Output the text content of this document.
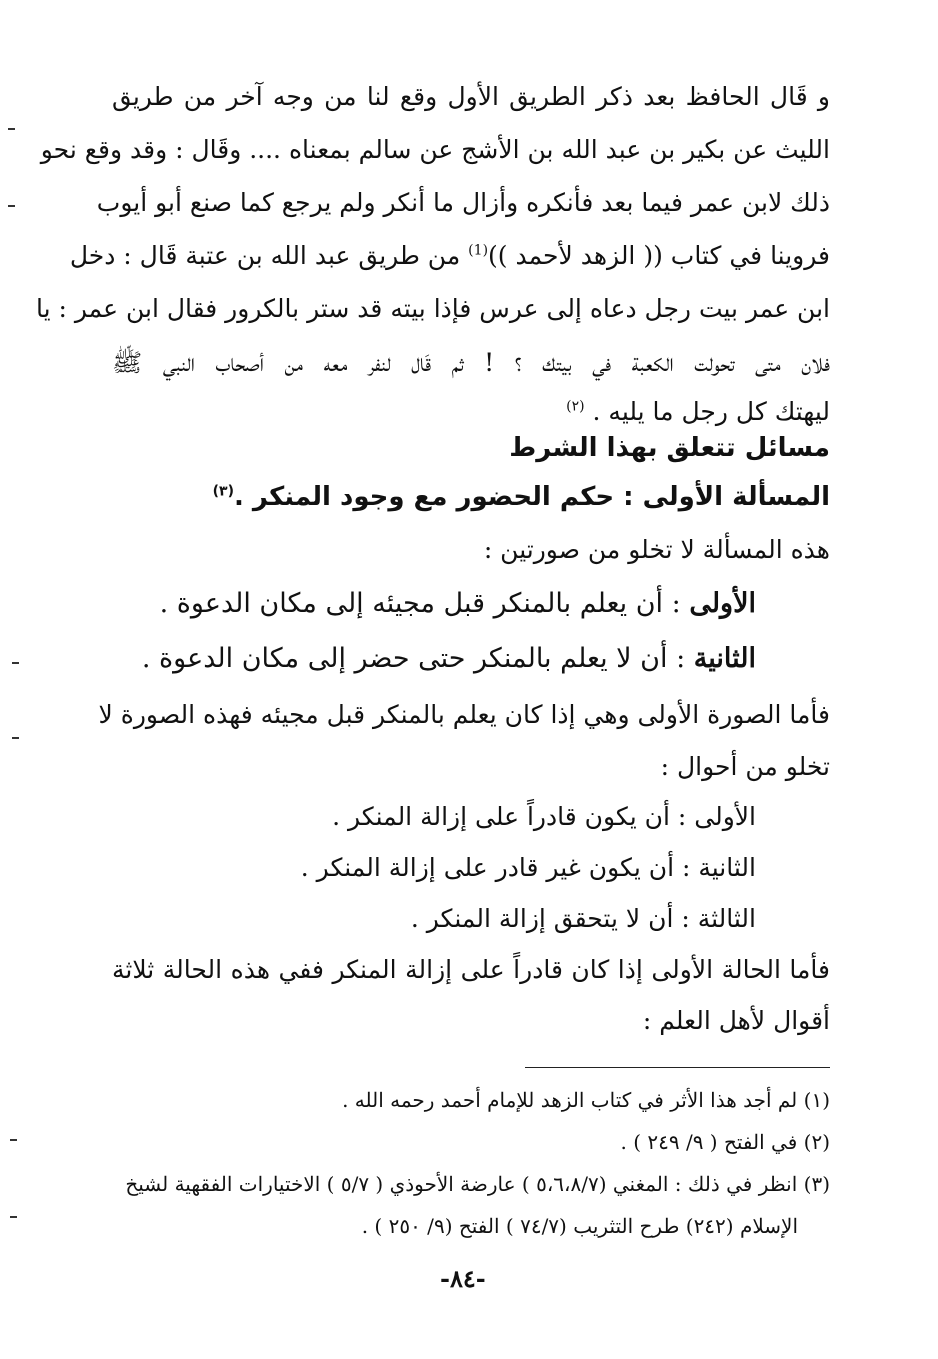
و قَال الحافظ بعد ذكر الطريق الأول وقع لنا من وجه آخر من طريق
الليث عن بكير بن عبد الله بن الأشج عن سالم بمعناه .... وقَال : وقد وقع نحو
ذلك لابن عمر فيما بعد فأنكره وأزال ما أنكر ولم يرجع كما صنع أبو أيوب
فروينا في كتاب (( الزهد لأحمد ))$^{(1)}$ من طريق عبد الله بن عتبة قَال : دخل
ابن عمر بيت رجل دعاه إلى عرس فإذا بيته قد ستر بالكرور فقال ابن عمر : يا
فلان متى تحولت الكعبة في بيتك ؟ ! ثم قَال لنفر معه من أصحاب النبي ﷺ
ليهتك كل رجل ما يليه . $^{(٢)}$
مسائل تتعلق بهذا الشرط
المسألة الأولى : حكم الحضور مع وجود المنكر .$^{(٣)}$
هذه المسألة لا تخلو من صورتين :
الأولى : أن يعلم بالمنكر قبل مجيئه إلى مكان الدعوة .
الثانية : أن لا يعلم بالمنكر حتى حضر إلى مكان الدعوة .
فأما الصورة الأولى وهي إذا كان يعلم بالمنكر قبل مجيئه فهذه الصورة لا
تخلو من أحوال :
الأولى : أن يكون قادراً على إزالة المنكر .
الثانية : أن يكون غير قادر على إزالة المنكر .
الثالثة : أن لا يتحقق إزالة المنكر .
فأما الحالة الأولى إذا كان قادراً على إزالة المنكر ففي هذه الحالة ثلاثة
أقوال لأهل العلم :
(١) لم أجد هذا الأثر في كتاب الزهد للإمام أحمد رحمه الله .
(٢) في الفتح ( ٩/ ٢٤٩ ) .
(٣) انظر في ذلك : المغني (٥،٦،٨/٧ ) عارضة الأحوذي ( ٥/٧ ) الاختيارات الفقهية لشيخ
الإسلام (٢٤٢) طرح التثريب (٧٤/٧ ) الفتح (٩/ ٢٥٠ ) .
-٨٤-
